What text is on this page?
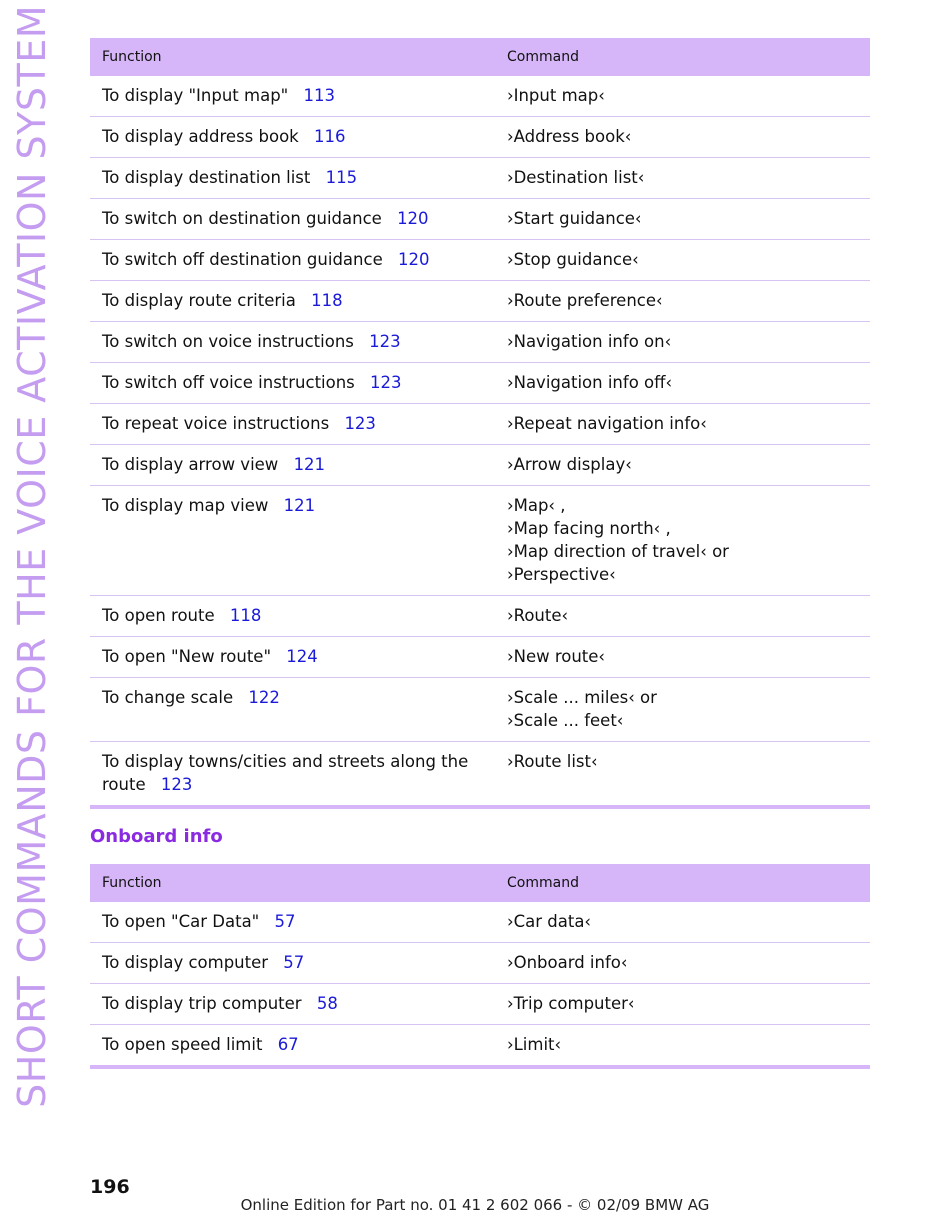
SHORT COMMANDS FOR THE VOICE ACTIVATION SYSTEM	Function	Command
To display "Input map" 113	›Input map‹

To display address book 116	›Address book‹

To display destination list 115	›Destination list‹

To switch on destination guidance 120	›Start guidance‹

To switch off destination guidance 120	›Stop guidance‹

To display route criteria 118	›Route preference‹

To switch on voice instructions 123	›Navigation info on‹

To switch off voice instructions 123	›Navigation info off‹

To repeat voice instructions 123	›Repeat navigation info‹

To display arrow view 121	›Arrow display‹

To display map view 121	›Map‹ ,
›Map facing north‹ ,
›Map direction of travel‹ or
›Perspective‹

To open route 118	›Route‹

To open "New route" 124	›New route‹

To change scale 122	›Scale ... miles‹ or
›Scale ... feet‹

To display towns/cities and streets along the route 123	›Route list‹
Onboard info
Function	Command
To open "Car Data" 57	›Car data‹

To display computer 57	›Onboard info‹

To display trip computer 58	›Trip computer‹

To open speed limit 67	›Limit‹
196
Online Edition for Part no. 01 41 2 602 066 - © 02/09 BMW AG
